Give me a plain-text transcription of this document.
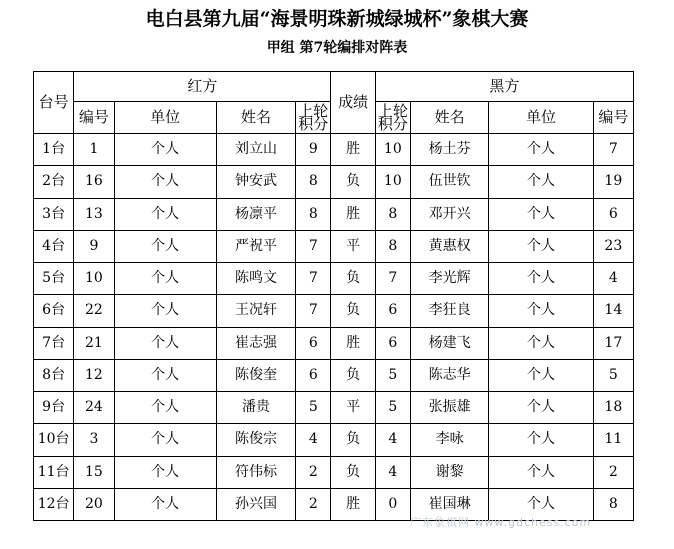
电白县第九届“海景明珠新城绿城杯”象棋大赛
甲组 第7轮编排对阵表
台号	红方				成绩	黑方			
	编号	单位	姓名	上轮积分		上轮积分	姓名	单位	编号
1台	1	个人	刘立山	9	胜	10	杨土芬	个人	7
2台	16	个人	钟安武	8	负	10	伍世钦	个人	19
3台	13	个人	杨凛平	8	胜	8	邓开兴	个人	6
4台	9	个人	严祝平	7	平	8	黄惠权	个人	23
5台	10	个人	陈鸣文	7	负	7	李光辉	个人	4
6台	22	个人	王况轩	7	负	6	李狂良	个人	14
7台	21	个人	崔志强	6	胜	6	杨建飞	个人	17
8台	12	个人	陈俊奎	6	负	5	陈志华	个人	5
9台	24	个人	潘贵	5	平	5	张振雄	个人	18
10台	3	个人	陈俊宗	4	负	4	李咏	个人	11
11台	15	个人	符伟标	2	负	4	谢黎	个人	2
12台	20	个人	孙兴国	2	胜	0	崔国琳	个人	8
广东象棋网 www.gdchess.com
